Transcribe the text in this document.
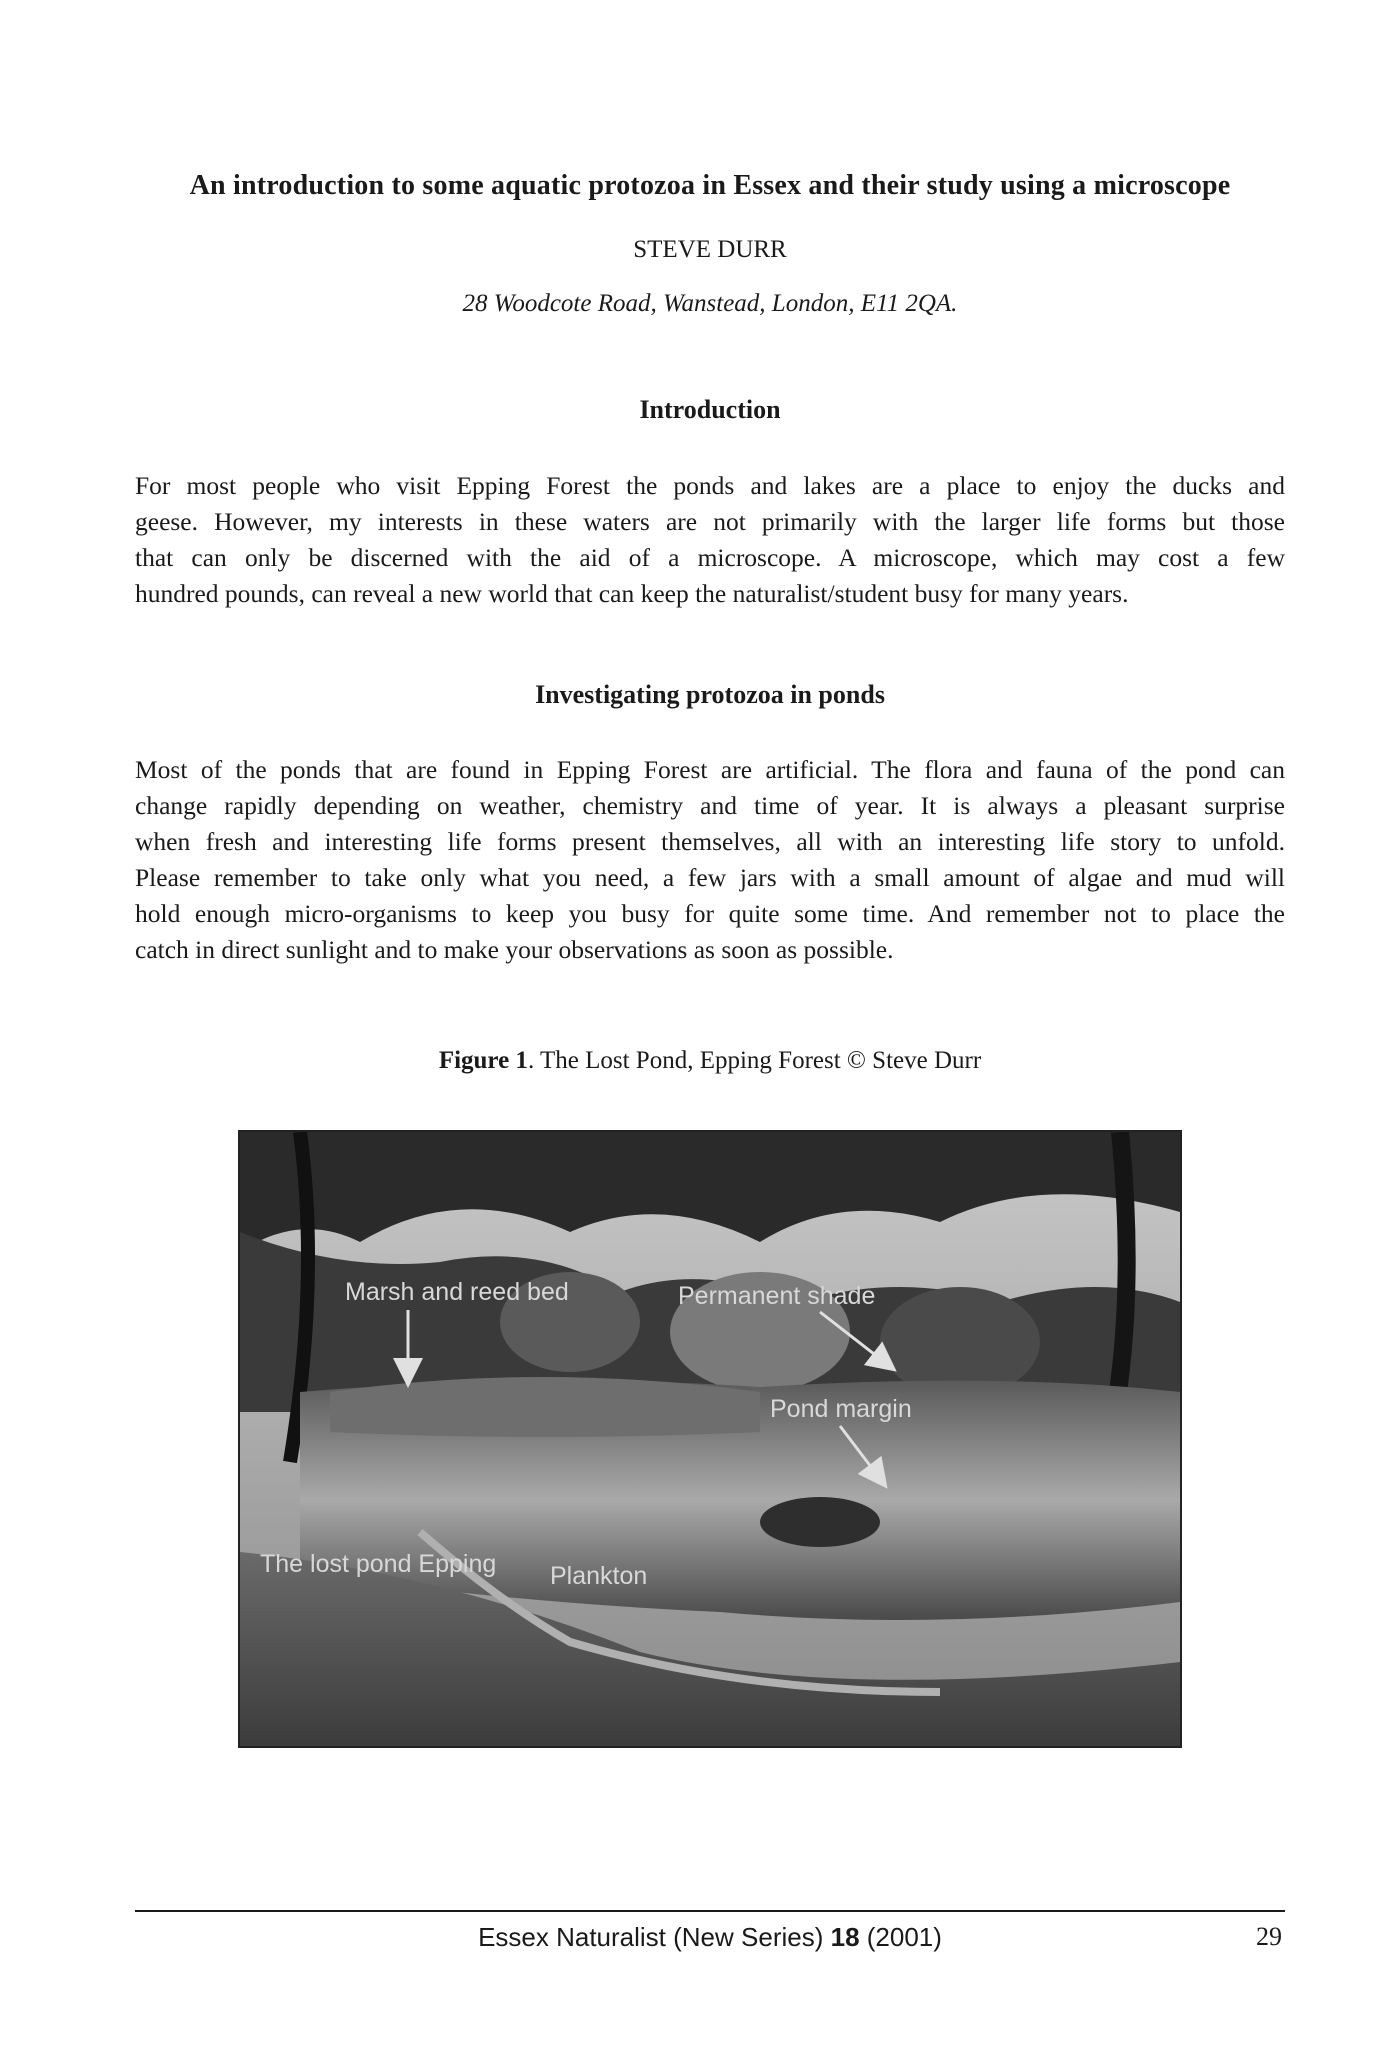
An introduction to some aquatic protozoa in Essex and their study using a microscope
STEVE DURR
28 Woodcote Road, Wanstead, London, E11 2QA.
Introduction
For most people who visit Epping Forest the ponds and lakes are a place to enjoy the ducks and
geese. However, my interests in these waters are not primarily with the larger life forms but those
that can only be discerned with the aid of a microscope. A microscope, which may cost a few
hundred pounds, can reveal a new world that can keep the naturalist/student busy for many years.
Investigating protozoa in ponds
Most of the ponds that are found in Epping Forest are artificial. The flora and fauna of the pond can
change rapidly depending on weather, chemistry and time of year. It is always a pleasant surprise
when fresh and interesting life forms present themselves, all with an interesting life story to unfold.
Please remember to take only what you need, a few jars with a small amount of algae and mud will
hold enough micro-organisms to keep you busy for quite some time. And remember not to place the
catch in direct sunlight and to make your observations as soon as possible.
Figure 1. The Lost Pond, Epping Forest © Steve Durr
Marsh and reed bed	Permanent shade
Pond margin
The lost pond Epping Plankton
Essex Naturalist (New Series) 18 (2001)	29
